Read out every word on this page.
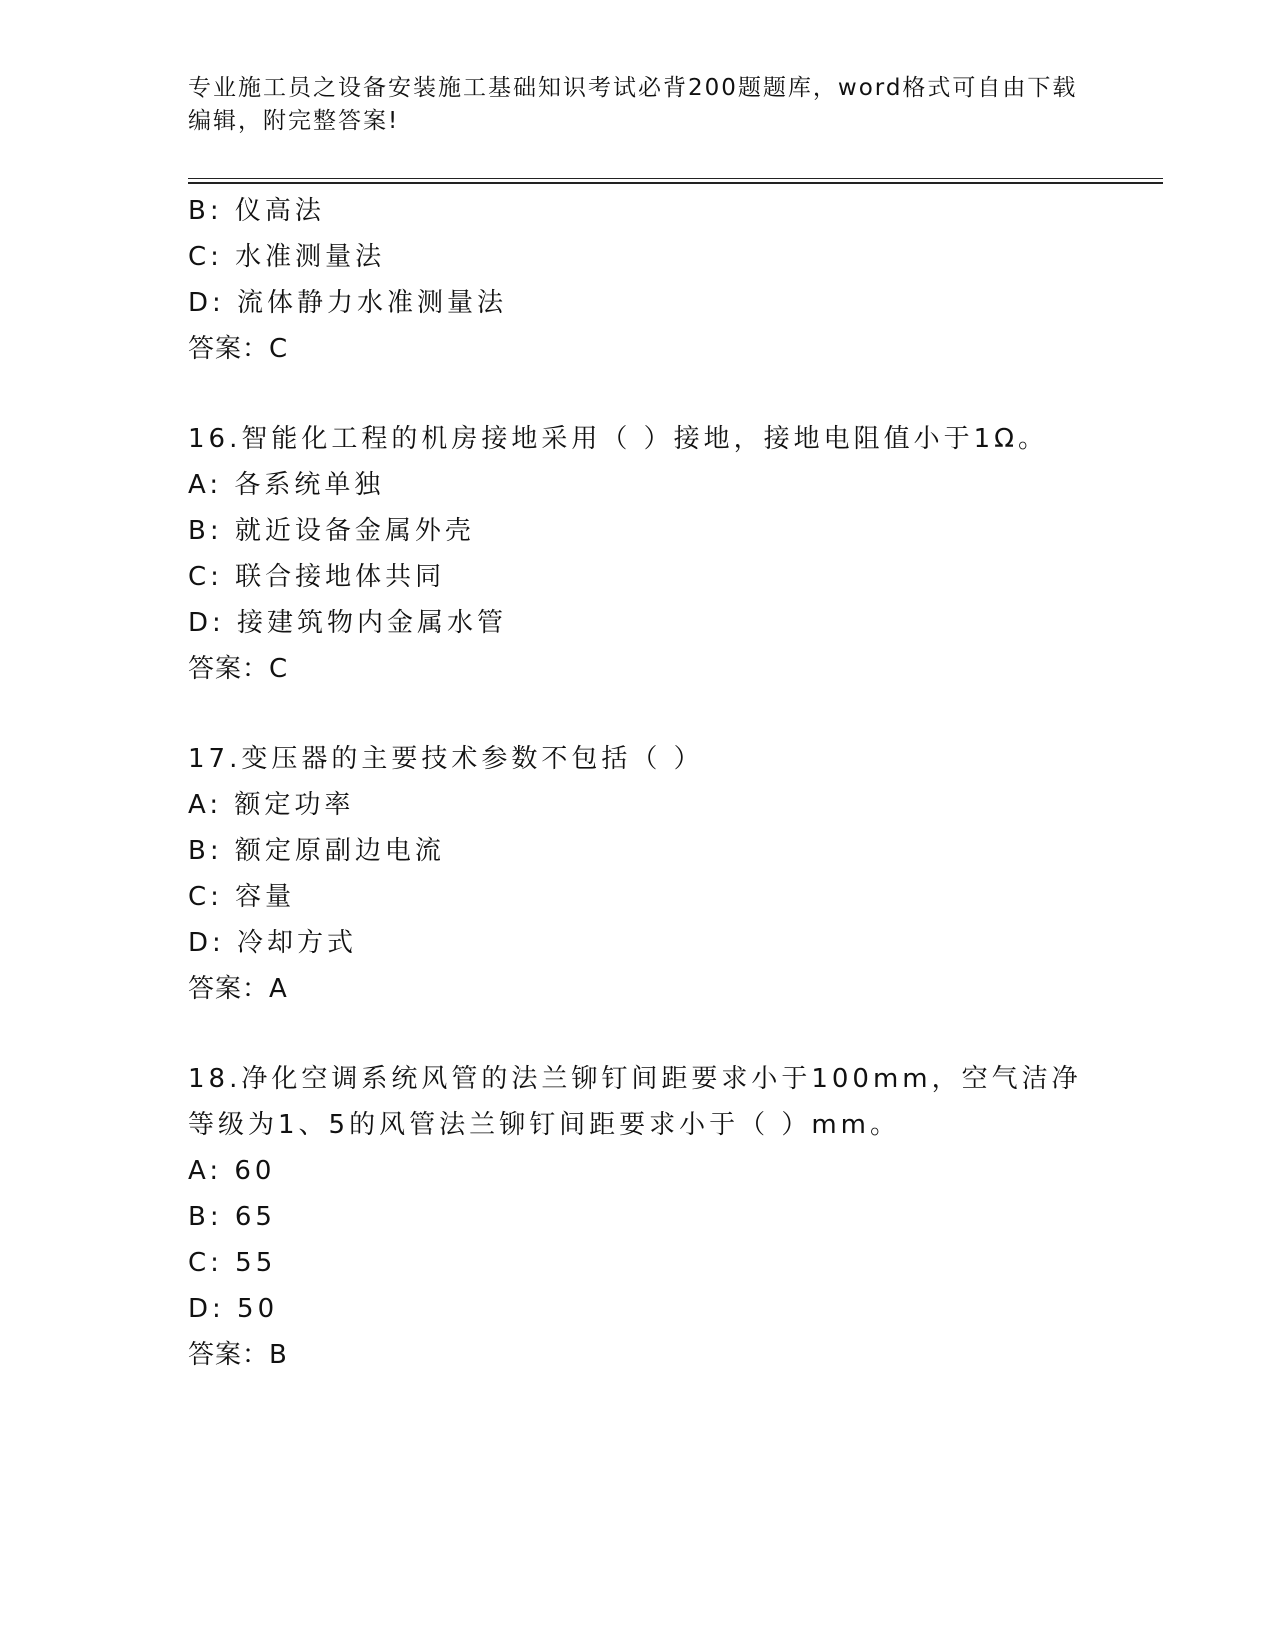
专业施工员之设备安装施工基础知识考试必背200题题库，word格式可自由下载编辑，附完整答案!
B: 仪高法
C: 水准测量法
D: 流体静力水准测量法
答案：C
16.智能化工程的机房接地采用（ ）接地，接地电阻值小于1Ω。
A: 各系统单独
B: 就近设备金属外壳
C: 联合接地体共同
D: 接建筑物内金属水管
答案：C
17.变压器的主要技术参数不包括（ ）
A: 额定功率
B: 额定原副边电流
C: 容量
D: 冷却方式
答案：A
18.净化空调系统风管的法兰铆钉间距要求小于100mm，空气洁净等级为1、5的风管法兰铆钉间距要求小于（ ）mm。
A: 60
B: 65
C: 55
D: 50
答案：B
